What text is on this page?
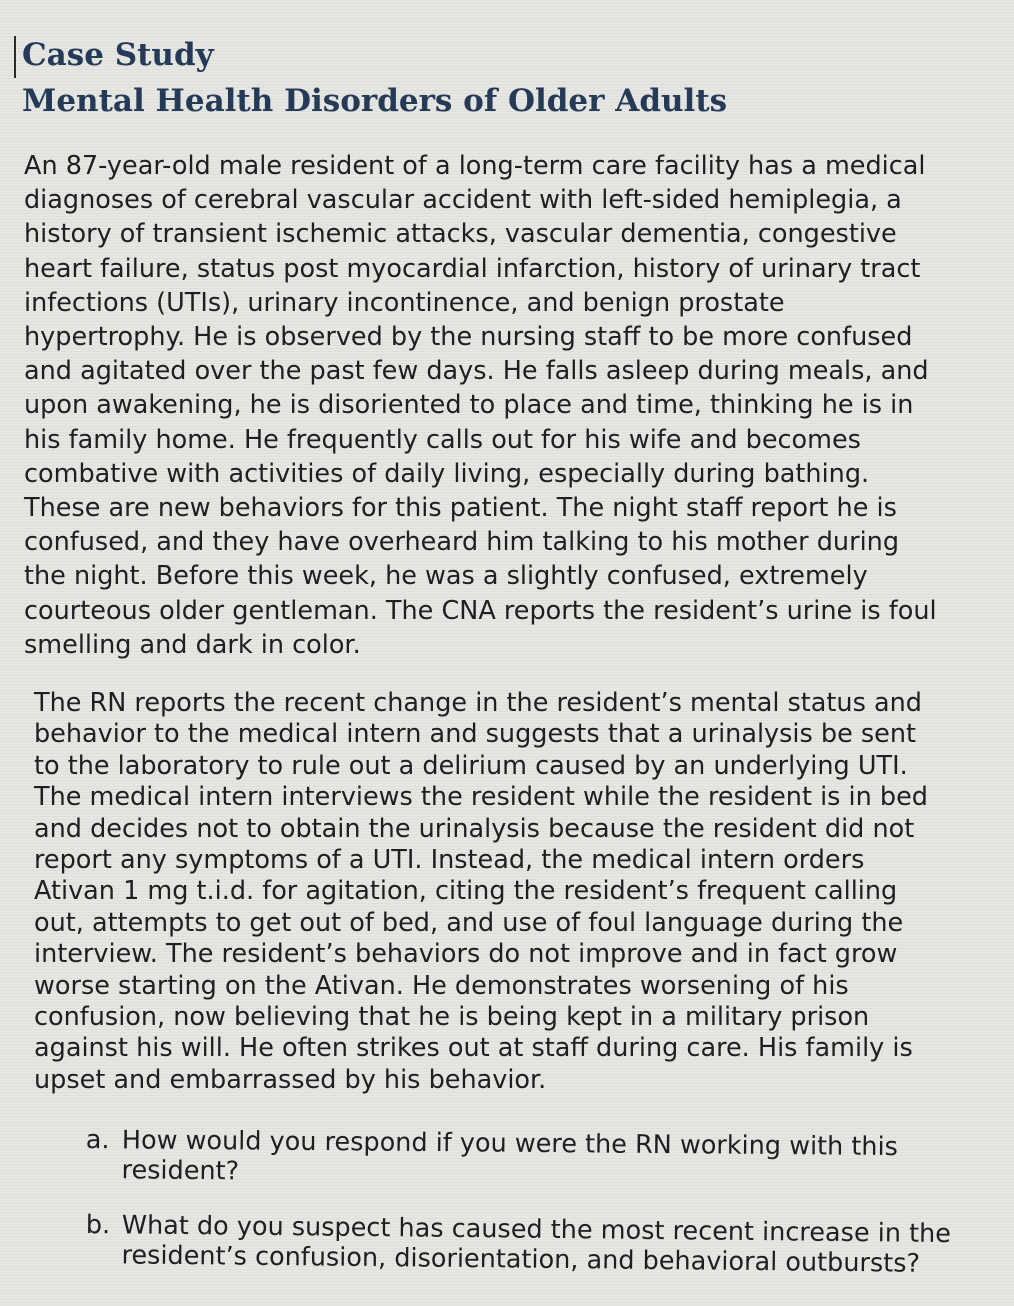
Case Study
Mental Health Disorders of Older Adults
An 87-year-old male resident of a long-term care facility has a medical
diagnoses of cerebral vascular accident with left-sided hemiplegia, a
history of transient ischemic attacks, vascular dementia, congestive
heart failure, status post myocardial infarction, history of urinary tract
infections (UTIs), urinary incontinence, and benign prostate
hypertrophy. He is observed by the nursing staff to be more confused
and agitated over the past few days. He falls asleep during meals, and
upon awakening, he is disoriented to place and time, thinking he is in
his family home. He frequently calls out for his wife and becomes
combative with activities of daily living, especially during bathing.
These are new behaviors for this patient. The night staff report he is
confused, and they have overheard him talking to his mother during
the night. Before this week, he was a slightly confused, extremely
courteous older gentleman. The CNA reports the resident’s urine is foul
smelling and dark in color.
The RN reports the recent change in the resident’s mental status and
behavior to the medical intern and suggests that a urinalysis be sent
to the laboratory to rule out a delirium caused by an underlying UTI.
The medical intern interviews the resident while the resident is in bed
and decides not to obtain the urinalysis because the resident did not
report any symptoms of a UTI. Instead, the medical intern orders
Ativan 1 mg t.i.d. for agitation, citing the resident’s frequent calling
out, attempts to get out of bed, and use of foul language during the
interview. The resident’s behaviors do not improve and in fact grow
worse starting on the Ativan. He demonstrates worsening of his
confusion, now believing that he is being kept in a military prison
against his will. He often strikes out at staff during care. His family is
upset and embarrassed by his behavior.
a. How would you respond if you were the RN working with this
resident?
b. What do you suspect has caused the most recent increase in the
resident’s confusion, disorientation, and behavioral outbursts?
